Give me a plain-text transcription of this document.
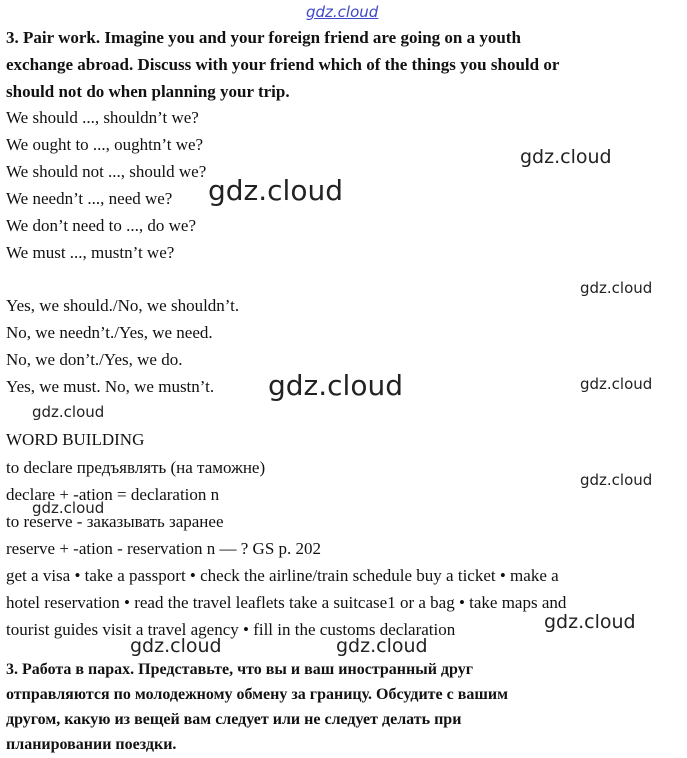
gdz.cloud
3. Pair work. Imagine you and your foreign friend are going on a youth
exchange abroad. Discuss with your friend which of the things you should or
should not do when planning your trip.
We should ..., shouldn’t we?
We ought to ..., oughtn’t we?
We should not ..., should we?
We needn’t ..., need we?
We don’t need to ..., do we?
We must ..., mustn’t we?
Yes, we should./No, we shouldn’t.
No, we needn’t./Yes, we need.
No, we don’t./Yes, we do.
Yes, we must. No, we mustn’t.
WORD BUILDING
to declare предъявлять (на таможне)
declare + -ation = declaration n
to reserve - заказывать заранее
reserve + -ation - reservation n — ? GS p. 202
get a visa • take a passport • check the airline/train schedule buy a ticket • make a
hotel reservation • read the travel leaflets take a suitcase1 or a bag • take maps and
tourist guides visit a travel agency • fill in the customs declaration
3. Работа в парах. Представьте, что вы и ваш иностранный друг
отправляются по молодежному обмену за границу. Обсудите с вашим
другом, какую из вещей вам следует или не следует делать при
планировании поездки.
gdz.cloud
gdz.cloud
gdz.cloud
gdz.cloud	gdz.cloud
gdz.cloud
gdz.cloud
gdz.cloud
gdz.cloud
gdz.cloud	gdz.cloud
